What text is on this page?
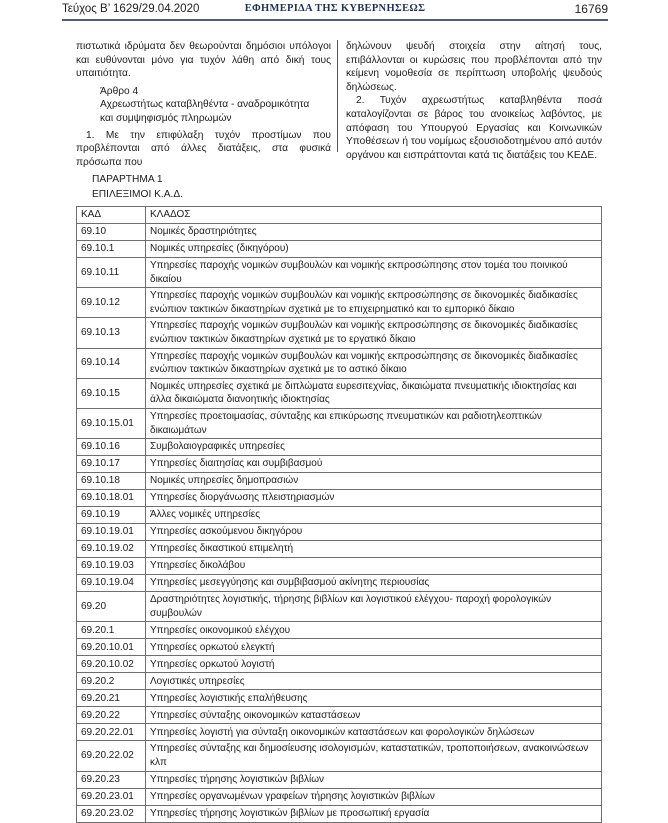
Τεύχος Β’ 1629/29.04.2020	ΕΦΗΜΕΡΙΔΑ ΤΗΣ ΚΥΒΕΡΝΗΣΕΩΣ	16769

πιστωτικά ιδρύματα δεν θεωρούνται δημόσιοι υπόλογοι και ευθύνονται μόνο για τυχόν λάθη από δική τους υπαιτιότητα.

Άρθρο 4

Αχρεωστήτως καταβληθέντα - αναδρομικότητα

και συμψηφισμός πληρωμών

1. Με την επιφύλαξη τυχόν προστίμων που προβλέπονται από άλλες διατάξεις, στα φυσικά πρόσωπα που

δηλώνουν ψευδή στοιχεία στην αίτησή τους, επιβάλλονται οι κυρώσεις που προβλέπονται από την κείμενη νομοθεσία σε περίπτωση υποβολής ψευδούς δηλώσεως.

2. Τυχόν αχρεωστήτως καταβληθέντα ποσά καταλογίζονται σε βάρος του ανοικείως λαβόντος, με απόφαση του Υπουργού Εργασίας και Κοινωνικών Υποθέσεων ή του νομίμως εξουσιοδοτημένου από αυτόν οργάνου και εισπράττονται κατά τις διατάξεις του ΚΕΔΕ.

ΠΑΡΑΡΤΗΜΑ 1
ΕΠΙΛΕΞΙΜΟΙ Κ.Α.Δ.
ΚΑΔ	ΚΛΑΔΟΣ
69.10	Νομικές δραστηριότητες
69.10.1	Νομικές υπηρεσίες (δικηγόρου)
69.10.11	Υπηρεσίες παροχής νομικών συμβουλών και νομικής εκπροσώπησης στον τομέα του ποινικού δικαίου
69.10.12	Υπηρεσίες παροχής νομικών συμβουλών και νομικής εκπροσώπησης σε δικονομικές διαδικασίες ενώπιον τακτικών δικαστηρίων σχετικά με το επιχειρηματικό και το εμπορικό δίκαιο
69.10.13	Υπηρεσίες παροχής νομικών συμβουλών και νομικής εκπροσώπησης σε δικονομικές διαδικασίες ενώπιον τακτικών δικαστηρίων σχετικά με το εργατικό δίκαιο
69.10.14	Υπηρεσίες παροχής νομικών συμβουλών και νομικής εκπροσώπησης σε δικονομικές διαδικασίες ενώπιον τακτικών δικαστηρίων σχετικά με το αστικό δίκαιο
69.10.15	Νομικές υπηρεσίες σχετικά με διπλώματα ευρεσιτεχνίας, δικαιώματα πνευματικής ιδιοκτησίας και άλλα δικαιώματα διανοητικής ιδιοκτησίας
69.10.15.01	Υπηρεσίες προετοιμασίας, σύνταξης και επικύρωσης πνευματικών και ραδιοτηλεοπτικών δικαιωμάτων
69.10.16	Συμβολαιογραφικές υπηρεσίες
69.10.17	Υπηρεσίες διαιτησίας και συμβιβασμού
69.10.18	Νομικές υπηρεσίες δημοπρασιών
69.10.18.01	Υπηρεσίες διοργάνωσης πλειστηριασμών
69.10.19	Άλλες νομικές υπηρεσίες
69.10.19.01	Υπηρεσίες ασκούμενου δικηγόρου
69.10.19.02	Υπηρεσίες δικαστικού επιμελητή
69.10.19.03	Υπηρεσίες δικολάβου
69.10.19.04	Υπηρεσίες μεσεγγύησης και συμβιβασμού ακίνητης περιουσίας
69.20	Δραστηριότητες λογιστικής, τήρησης βιβλίων και λογιστικού ελέγχου- παροχή φορολογικών συμβουλών
69.20.1	Υπηρεσίες οικονομικού ελέγχου
69.20.10.01	Υπηρεσίες ορκωτού ελεγκτή
69.20.10.02	Υπηρεσίες ορκωτού λογιστή
69.20.2	Λογιστικές υπηρεσίες
69.20.21	Υπηρεσίες λογιστικής επαλήθευσης
69.20.22	Υπηρεσίες σύνταξης οικονομικών καταστάσεων
69.20.22.01	Υπηρεσίες λογιστή για σύνταξη οικονομικών καταστάσεων και φορολογικών δηλώσεων
69.20.22.02	Υπηρεσίες σύνταξης και δημοσίευσης ισολογισμών, καταστατικών, τροποποιήσεων, ανακοινώσεων κλπ
69.20.23	Υπηρεσίες τήρησης λογιστικών βιβλίων
69.20.23.01	Υπηρεσίες οργανωμένων γραφείων τήρησης λογιστικών βιβλίων
69.20.23.02	Υπηρεσίες τήρησης λογιστικών βιβλίων με προσωπική εργασία
